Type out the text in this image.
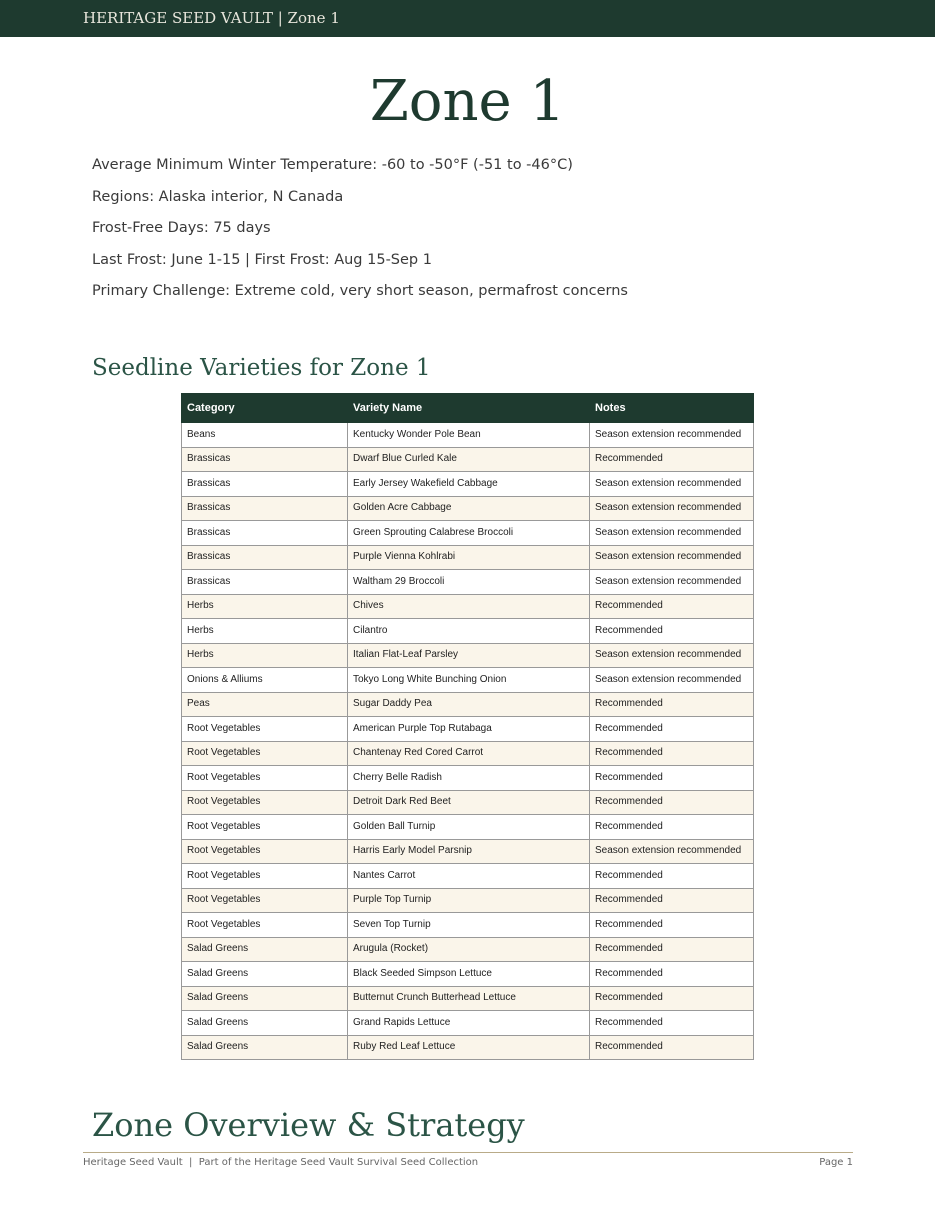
HERITAGE SEED VAULT | Zone 1
Zone 1

Average Minimum Winter Temperature: -60 to -50°F (-51 to -46°C)

Regions: Alaska interior, N Canada

Frost-Free Days: 75 days

Last Frost: June 1-15 | First Frost: Aug 15-Sep 1

Primary Challenge: Extreme cold, very short season, permafrost concerns

Seedline Varieties for Zone 1
Category	Variety Name	Notes
Beans	Kentucky Wonder Pole Bean	Season extension recommended
Brassicas	Dwarf Blue Curled Kale	Recommended
Brassicas	Early Jersey Wakefield Cabbage	Season extension recommended
Brassicas	Golden Acre Cabbage	Season extension recommended
Brassicas	Green Sprouting Calabrese Broccoli	Season extension recommended
Brassicas	Purple Vienna Kohlrabi	Season extension recommended
Brassicas	Waltham 29 Broccoli	Season extension recommended
Herbs	Chives	Recommended
Herbs	Cilantro	Recommended
Herbs	Italian Flat-Leaf Parsley	Season extension recommended
Onions & Alliums	Tokyo Long White Bunching Onion	Season extension recommended
Peas	Sugar Daddy Pea	Recommended
Root Vegetables	American Purple Top Rutabaga	Recommended
Root Vegetables	Chantenay Red Cored Carrot	Recommended
Root Vegetables	Cherry Belle Radish	Recommended
Root Vegetables	Detroit Dark Red Beet	Recommended
Root Vegetables	Golden Ball Turnip	Recommended
Root Vegetables	Harris Early Model Parsnip	Season extension recommended
Root Vegetables	Nantes Carrot	Recommended
Root Vegetables	Purple Top Turnip	Recommended
Root Vegetables	Seven Top Turnip	Recommended
Salad Greens	Arugula (Rocket)	Recommended
Salad Greens	Black Seeded Simpson Lettuce	Recommended
Salad Greens	Butternut Crunch Butterhead Lettuce	Recommended
Salad Greens	Grand Rapids Lettuce	Recommended
Salad Greens	Ruby Red Leaf Lettuce	Recommended
Zone Overview & Strategy
Heritage Seed Vault  |  Part of the Heritage Seed Vault Survival Seed Collection	Page 1
